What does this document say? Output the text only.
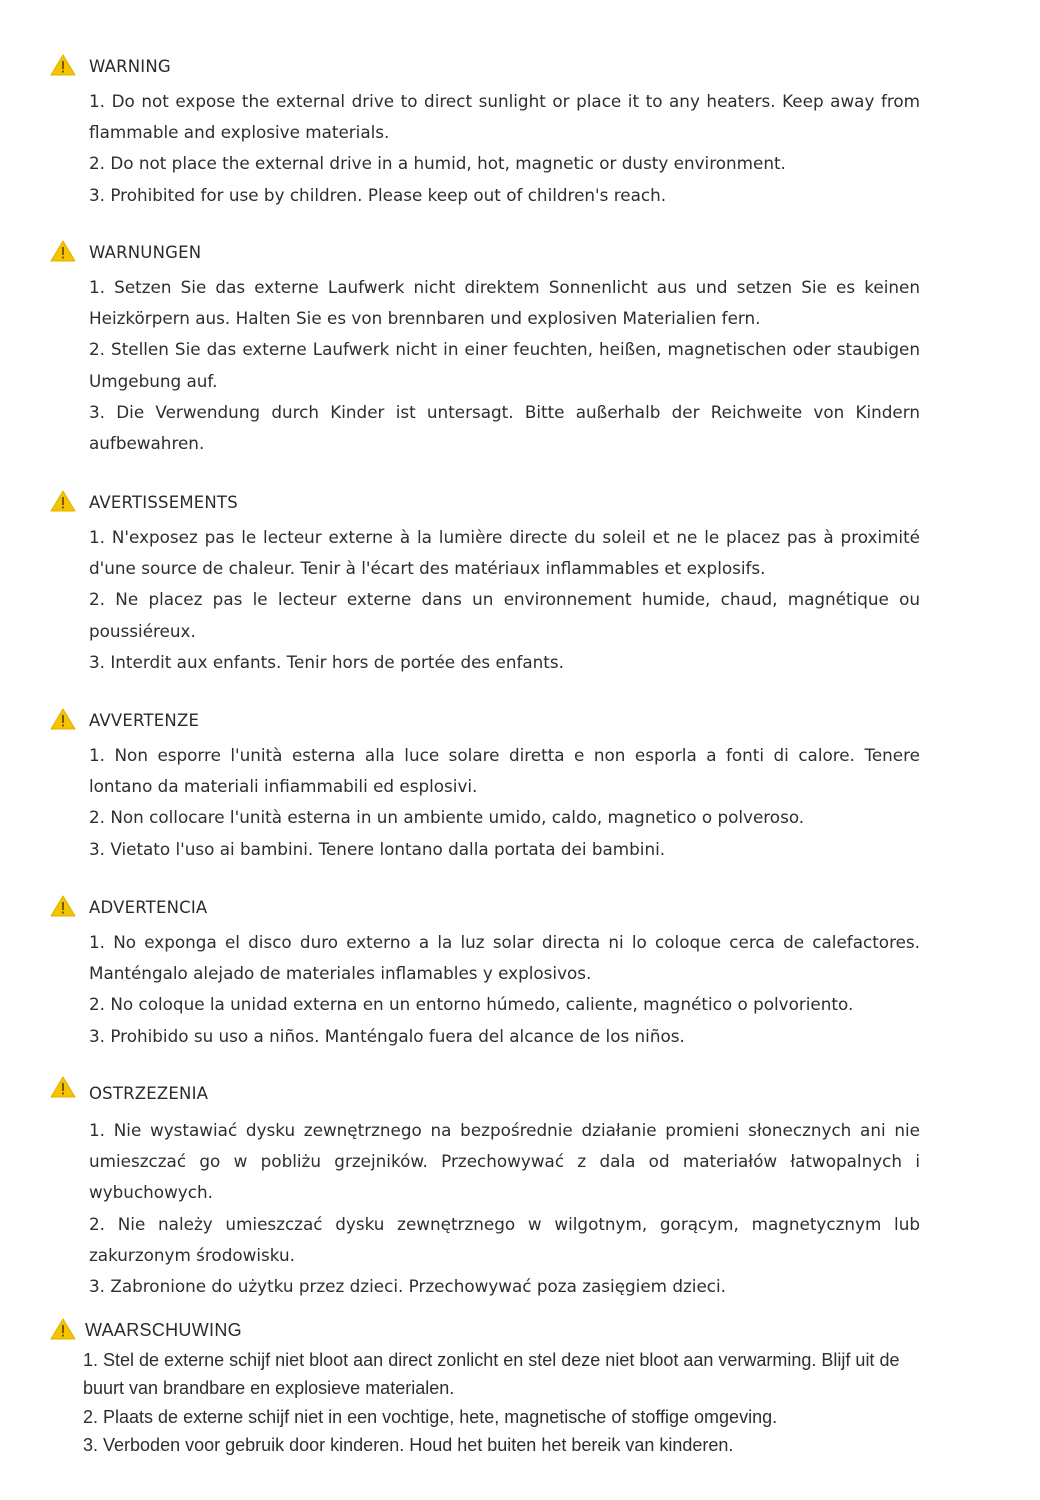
WARNING

1. Do not expose the external drive to direct sunlight or place it to any heaters. Keep away from flammable and explosive materials.

2. Do not place the external drive in a humid, hot, magnetic or dusty environment.

3. Prohibited for use by children. Please keep out of children's reach.

WARNUNGEN

1. Setzen Sie das externe Laufwerk nicht direktem Sonnenlicht aus und setzen Sie es keinen Heizkörpern aus. Halten Sie es von brennbaren und explosiven Materialien fern.

2. Stellen Sie das externe Laufwerk nicht in einer feuchten, heißen, magnetischen oder staubigen Umgebung auf.

3. Die Verwendung durch Kinder ist untersagt. Bitte außerhalb der Reichweite von Kindern aufbewahren.

AVERTISSEMENTS

1. N'exposez pas le lecteur externe à la lumière directe du soleil et ne le placez pas à proximité d'une source de chaleur. Tenir à l'écart des matériaux inflammables et explosifs.

2. Ne placez pas le lecteur externe dans un environnement humide, chaud, magnétique ou poussiéreux.

3. Interdit aux enfants. Tenir hors de portée des enfants.

AVVERTENZE

1. Non esporre l'unità esterna alla luce solare diretta e non esporla a fonti di calore. Tenere lontano da materiali infiammabili ed esplosivi.

2. Non collocare l'unità esterna in un ambiente umido, caldo, magnetico o polveroso.

3. Vietato l'uso ai bambini. Tenere lontano dalla portata dei bambini.

ADVERTENCIA

1. No exponga el disco duro externo a la luz solar directa ni lo coloque cerca de calefactores. Manténgalo alejado de materiales inflamables y explosivos.

2. No coloque la unidad externa en un entorno húmedo, caliente, magnético o polvoriento.

3. Prohibido su uso a niños. Manténgalo fuera del alcance de los niños.

OSTRZEZENIA

1. Nie wystawiać dysku zewnętrznego na bezpośrednie działanie promieni słonecznych ani nie umieszczać go w pobliżu grzejników. Przechowywać z dala od materiałów łatwopalnych i wybuchowych.

2. Nie należy umieszczać dysku zewnętrznego w wilgotnym, gorącym, magnetycznym lub zakurzonym środowisku.

3. Zabronione do użytku przez dzieci. Przechowywać poza zasięgiem dzieci.

WAARSCHUWING

1. Stel de externe schijf niet bloot aan direct zonlicht en stel deze niet bloot aan verwarming. Blijf uit de buurt van brandbare en explosieve materialen.

2. Plaats de externe schijf niet in een vochtige, hete, magnetische of stoffige omgeving.

3. Verboden voor gebruik door kinderen. Houd het buiten het bereik van kinderen.
